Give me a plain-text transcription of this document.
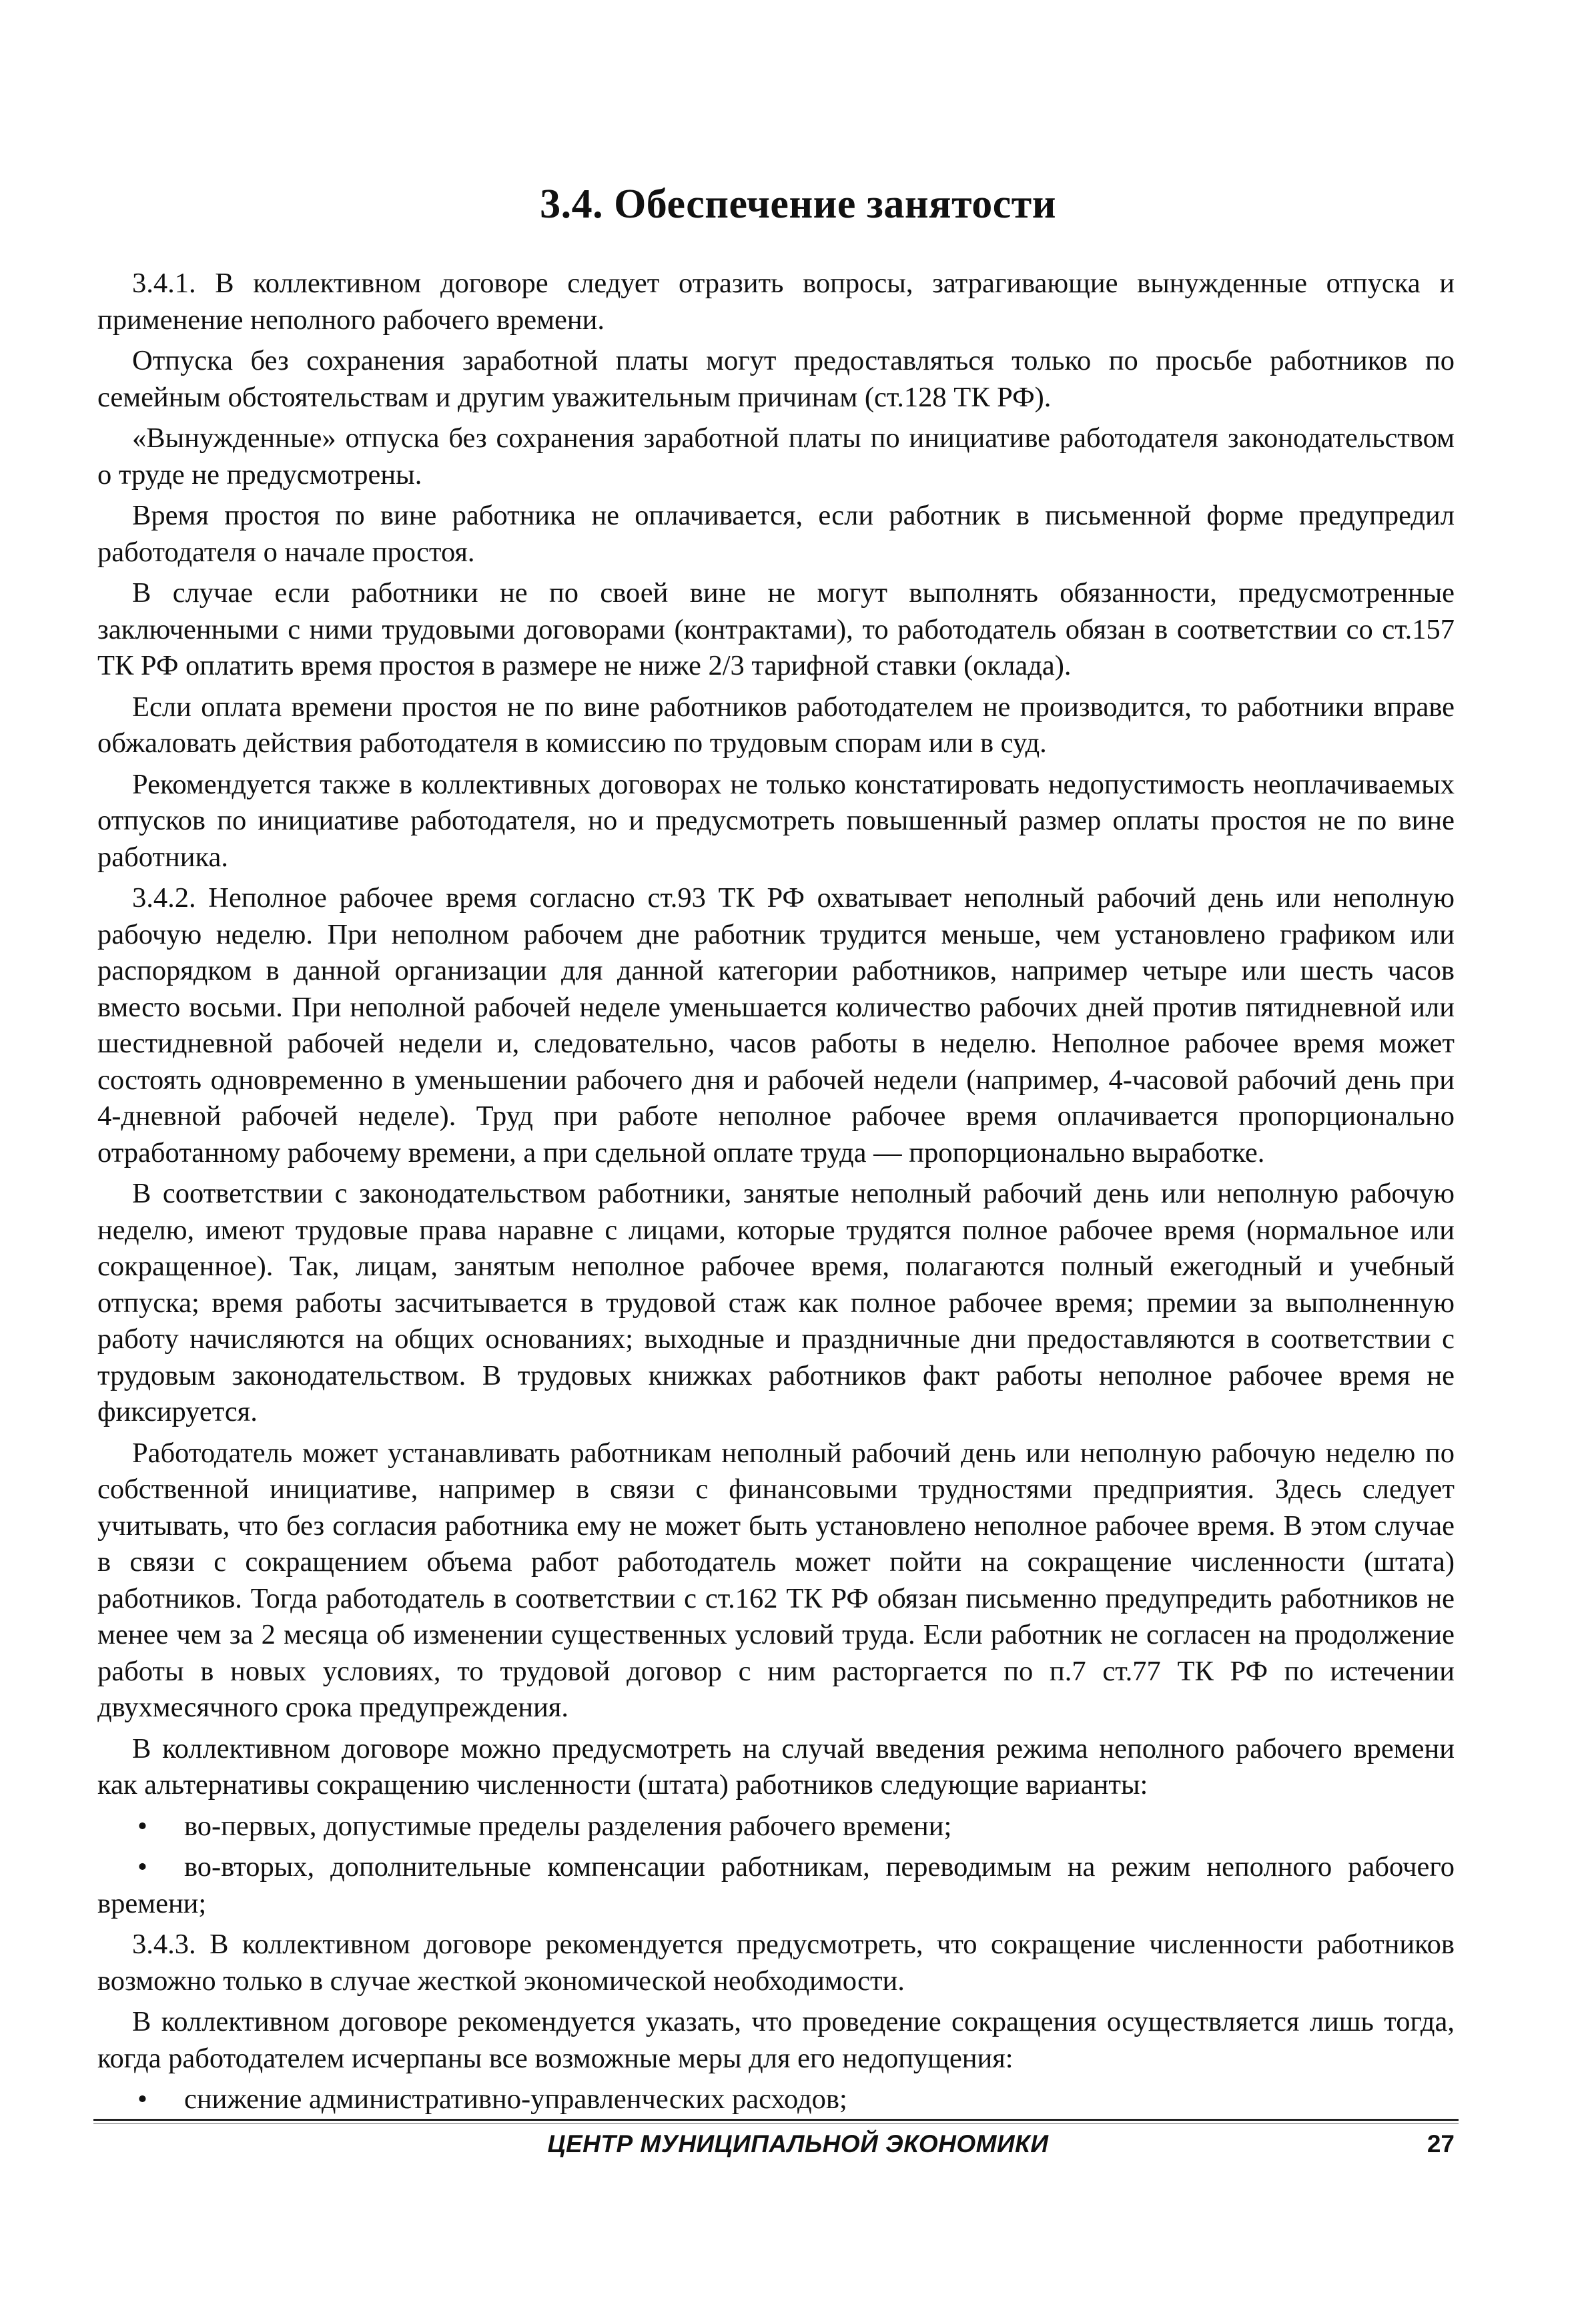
3.4. Обеспечение занятости

3.4.1. В коллективном договоре следует отразить вопросы, затрагивающие вынужденные отпуска и применение неполного рабочего времени.

Отпуска без сохранения заработной платы могут предоставляться только по просьбе работников по семейным обстоятельствам и другим уважительным причинам (ст.128 ТК РФ).

«Вынужденные» отпуска без сохранения заработной платы по инициативе работодателя законодательством о труде не предусмотрены.

Время простоя по вине работника не оплачивается, если работник в письменной форме предупредил работодателя о начале простоя.

В случае если работники не по своей вине не могут выполнять обязанности, предусмотренные заключенными с ними трудовыми договорами (контрактами), то работодатель обязан в соответствии со ст.157 ТК РФ оплатить время простоя в размере не ниже 2/3 тарифной ставки (оклада).

Если оплата времени простоя не по вине работников работодателем не производится, то работники вправе обжаловать действия работодателя в комиссию по трудовым спорам или в суд.

Рекомендуется также в коллективных договорах не только констатировать недопустимость неоплачиваемых отпусков по инициативе работодателя, но и предусмотреть повышенный размер оплаты простоя не по вине работника.

3.4.2. Неполное рабочее время согласно ст.93 ТК РФ охватывает неполный рабочий день или неполную рабочую неделю. При неполном рабочем дне работник трудится меньше, чем установлено графиком или распорядком в данной организации для данной категории работников, например четыре или шесть часов вместо восьми. При неполной рабочей неделе уменьшается количество рабочих дней против пятидневной или шестидневной рабочей недели и, следовательно, часов работы в неделю. Неполное рабочее время может состоять одновременно в уменьшении рабочего дня и рабочей недели (например, 4-часовой рабочий день при 4-дневной рабочей неделе). Труд при работе неполное рабочее время оплачивается пропорционально отработанному рабочему времени, а при сдельной оплате труда — пропорционально выработке.

В соответствии с законодательством работники, занятые неполный рабочий день или неполную рабочую неделю, имеют трудовые права наравне с лицами, которые трудятся полное рабочее время (нормальное или сокращенное). Так, лицам, занятым неполное рабочее время, полагаются полный ежегодный и учебный отпуска; время работы засчитывается в трудовой стаж как полное рабочее время; премии за выполненную работу начисляются на общих основаниях; выходные и праздничные дни предоставляются в соответствии с трудовым законодательством. В трудовых книжках работников факт работы неполное рабочее время не фиксируется.

Работодатель может устанавливать работникам неполный рабочий день или неполную рабочую неделю по собственной инициативе, например в связи с финансовыми трудностями предприятия. Здесь следует учитывать, что без согласия работника ему не может быть установлено неполное рабочее время. В этом случае в связи с сокращением объема работ работодатель может пойти на сокращение численности (штата) работников. Тогда работодатель в соответствии с ст.162 ТК РФ обязан письменно предупредить работников не менее чем за 2 месяца об изменении существенных условий труда. Если работник не согласен на продолжение работы в новых условиях, то трудовой договор с ним расторгается по п.7 ст.77 ТК РФ по истечении двухмесячного срока предупреждения.

В коллективном договоре можно предусмотреть на случай введения режима неполного рабочего времени как альтернативы сокращению численности (штата) работников следующие варианты:

• во-первых, допустимые пределы разделения рабочего времени;

• во-вторых, дополнительные компенсации работникам, переводимым на режим неполного рабочего времени;

3.4.3. В коллективном договоре рекомендуется предусмотреть, что сокращение численности работников возможно только в случае жесткой экономической необходимости.

В коллективном договоре рекомендуется указать, что проведение сокращения осуществляется лишь тогда, когда работодателем исчерпаны все возможные меры для его недопущения:

• снижение административно-управленческих расходов;

ЦЕНТР МУНИЦИПАЛЬНОЙ ЭКОНОМИКИ	27
